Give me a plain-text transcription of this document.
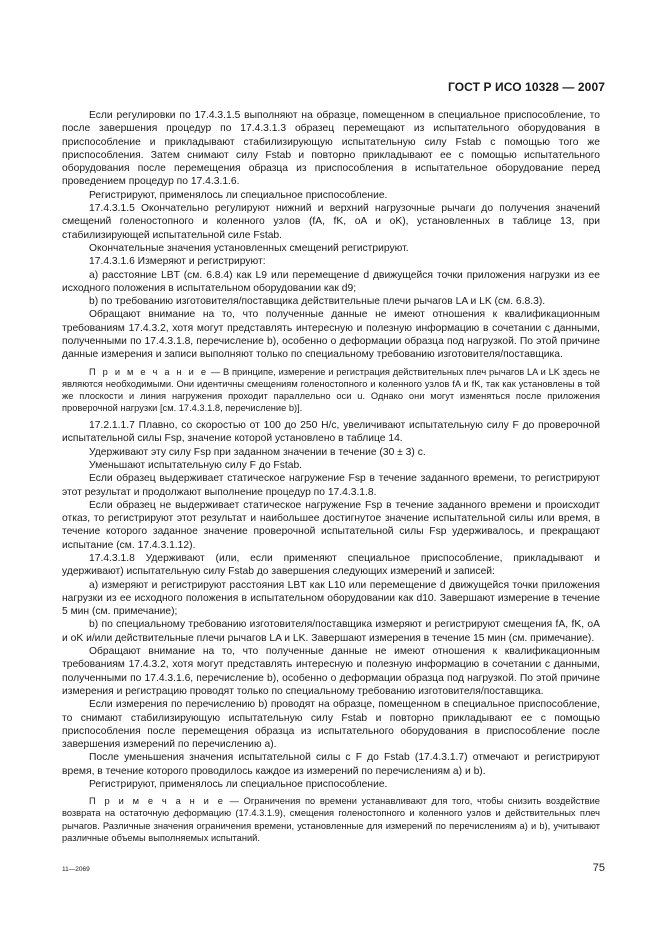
ГОСТ Р ИСО 10328 — 2007

Если регулировки по 17.4.3.1.5 выполняют на образце, помещенном в специальное приспособление, то после завершения процедур по 17.4.3.1.3 образец перемещают из испытательного оборудования в приспособление и прикладывают стабилизирующую испытательную силу Fstab с помощью того же приспособления. Затем снимают силу Fstab и повторно прикладывают ее с помощью испытательного оборудования после перемещения образца из приспособления в испытательное оборудование перед проведением процедур по 17.4.3.1.6.

Регистрируют, применялось ли специальное приспособление.

17.4.3.1.5 Окончательно регулируют нижний и верхний нагрузочные рычаги до получения значений смещений голеностопного и коленного узлов (fA, fK, oA и oK), установленных в таблице 13, при стабилизирующей испытательной силе Fstab.

Окончательные значения установленных смещений регистрируют.

17.4.3.1.6 Измеряют и регистрируют:

а) расстояние LBT (см. 6.8.4) как L9 или перемещение d движущейся точки приложения нагрузки из ее исходного положения в испытательном оборудовании как d9;

b) по требованию изготовителя/поставщика действительные плечи рычагов LA и LK (см. 6.8.3).

Обращают внимание на то, что полученные данные не имеют отношения к квалификационным требованиям 17.4.3.2, хотя могут представлять интересную и полезную информацию в сочетании с данными, полученными по 17.4.3.1.8, перечисление b), особенно о деформации образца под нагрузкой. По этой причине данные измерения и записи выполняют только по специальному требованию изготовителя/поставщика.

П р и м е ч а н и е — В принципе, измерение и регистрация действительных плеч рычагов LA и LK здесь не являются необходимыми. Они идентичны смещениям голеностопного и коленного узлов fA и fK, так как установлены в той же плоскости и линия нагружения проходит параллельно оси u. Однако они могут изменяться после приложения проверочной нагрузки [см. 17.4.3.1.8, перечисление b)].

17.2.1.1.7 Плавно, со скоростью от 100 до 250 Н/с, увеличивают испытательную силу F до проверочной испытательной силы Fsp, значение которой установлено в таблице 14.

Удерживают эту силу Fsp при заданном значении в течение (30 ± 3) с.

Уменьшают испытательную силу F до Fstab.

Если образец выдерживает статическое нагружение Fsp в течение заданного времени, то регистрируют этот результат и продолжают выполнение процедур по 17.4.3.1.8.

Если образец не выдерживает статическое нагружение Fsp в течение заданного времени и происходит отказ, то регистрируют этот результат и наибольшее достигнутое значение испытательной силы или время, в течение которого заданное значение проверочной испытательной силы Fsp удерживалось, и прекращают испытание (см. 17.4.3.1.12).

17.4.3.1.8 Удерживают (или, если применяют специальное приспособление, прикладывают и удерживают) испытательную силу Fstab до завершения следующих измерений и записей:

а) измеряют и регистрируют расстояния LBT как L10 или перемещение d движущейся точки приложения нагрузки из ее исходного положения в испытательном оборудовании как d10. Завершают измерение в течение 5 мин (см. примечание);

b) по специальному требованию изготовителя/поставщика измеряют и регистрируют смещения fA, fK, oA и oK и/или действительные плечи рычагов LA и LK. Завершают измерения в течение 15 мин (см. примечание).

Обращают внимание на то, что полученные данные не имеют отношения к квалификационным требованиям 17.4.3.2, хотя могут представлять интересную и полезную информацию в сочетании с данными, полученными по 17.4.3.1.6, перечисление b), особенно о деформации образца под нагрузкой. По этой причине измерения и регистрацию проводят только по специальному требованию изготовителя/поставщика.

Если измерения по перечислению b) проводят на образце, помещенном в специальное приспособление, то снимают стабилизирующую испытательную силу Fstab и повторно прикладывают ее с помощью приспособления после перемещения образца из испытательного оборудования в приспособление после завершения измерений по перечислению а).

После уменьшения значения испытательной силы с F до Fstab (17.4.3.1.7) отмечают и регистрируют время, в течение которого проводилось каждое из измерений по перечислениям а) и b).

Регистрируют, применялось ли специальное приспособление.

П р и м е ч а н и е — Ограничения по времени устанавливают для того, чтобы снизить воздействие возврата на остаточную деформацию (17.4.3.1.9), смещения голеностопного и коленного узлов и действительных плеч рычагов. Различные значения ограничения времени, установленные для измерений по перечислениям а) и b), учитывают различные объемы выполняемых испытаний.

11—2069	75
